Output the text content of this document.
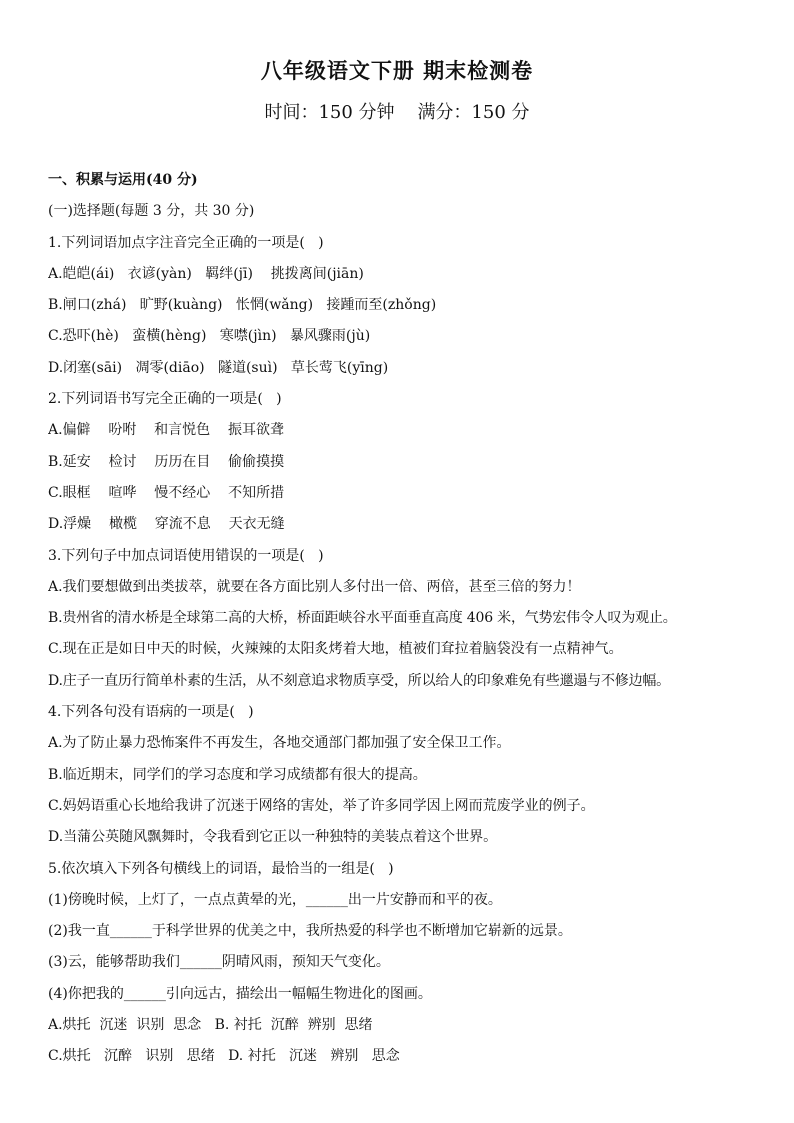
八年级语文下册 期末检测卷
时间：150 分钟 满分：150 分
一、积累与运用(40 分)
(一)选择题(每题 3 分，共 30 分)
1.下列词语加点字注音完全正确的一项是(   )
A.皑皑(ái)   衣谚(yàn)   羁绊(jī)    挑拨离间(jiān)
B.闸口(zhá)   旷野(kuàng)   怅惘(wǎng)   接踵而至(zhǒng)
C.恐吓(hè)   蛮横(hèng)   寒噤(jìn)   暴风骤雨(jù)
D.闭塞(sāi)   凋零(diāo)   隧道(suì)   草长莺飞(yīng)
2.下列词语书写完全正确的一项是(   )
A.偏僻    吩咐    和言悦色    振耳欲聋
B.延安    检讨    历历在目    偷偷摸摸
C.眼框    喧哗    慢不经心    不知所措
D.浮燥    橄榄    穿流不息    天衣无缝
3.下列句子中加点词语使用错误的一项是(   )
A.我们要想做到出类拔萃，就要在各方面比别人多付出一倍、两倍，甚至三倍的努力！
B.贵州省的清水桥是全球第二高的大桥，桥面距峡谷水平面垂直高度 406 米，气势宏伟令人叹为观止。
C.现在正是如日中天的时候，火辣辣的太阳炙烤着大地，植被们耷拉着脑袋没有一点精神气。
D.庄子一直历行简单朴素的生活，从不刻意追求物质享受，所以给人的印象难免有些邋遢与不修边幅。
4.下列各句没有语病的一项是(   )
A.为了防止暴力恐怖案件不再发生，各地交通部门都加强了安全保卫工作。
B.临近期末，同学们的学习态度和学习成绩都有很大的提高。
C.妈妈语重心长地给我讲了沉迷于网络的害处，举了许多同学因上网而荒废学业的例子。
D.当蒲公英随风飘舞时，令我看到它正以一种独特的美装点着这个世界。
5.依次填入下列各句横线上的词语，最恰当的一组是(   )
(1)傍晚时候，上灯了，一点点黄晕的光，______出一片安静而和平的夜。
(2)我一直______于科学世界的优美之中，我所热爱的科学也不断增加它崭新的远景。
(3)云，能够帮助我们______阴晴风雨，预知天气变化。
(4)你把我的______引向远古，描绘出一幅幅生物进化的图画。
A.烘托  沉迷  识别  思念   B. 衬托  沉醉  辨别  思绪
C.烘托   沉醉   识别   思绪   D. 衬托   沉迷   辨别   思念
